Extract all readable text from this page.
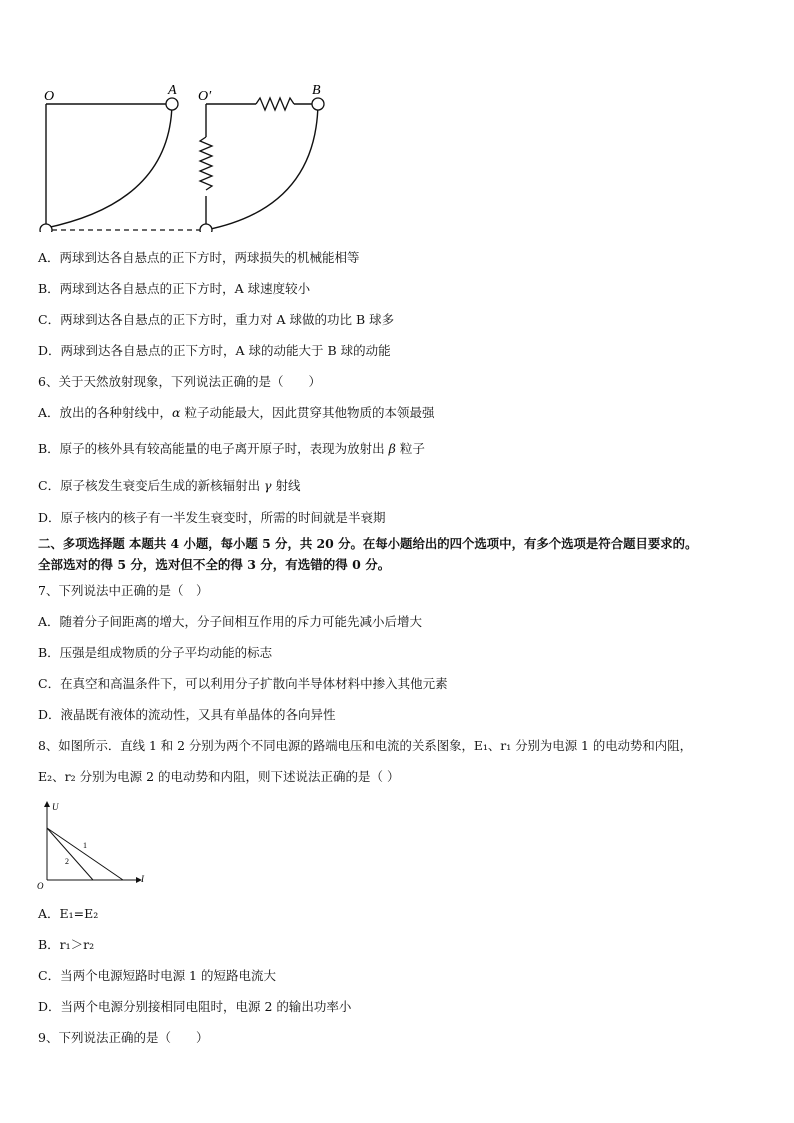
O	A O′	B
A．两球到达各自悬点的正下方时，两球损失的机械能相等
B．两球到达各自悬点的正下方时，A 球速度较小
C．两球到达各自悬点的正下方时，重力对 A 球做的功比 B 球多
D．两球到达各自悬点的正下方时，A 球的动能大于 B 球的动能
6、关于天然放射现象，下列说法正确的是（　　）
A．放出的各种射线中，α 粒子动能最大，因此贯穿其他物质的本领最强
B．原子的核外具有较高能量的电子离开原子时，表现为放射出 β 粒子
C．原子核发生衰变后生成的新核辐射出 γ 射线
D．原子核内的核子有一半发生衰变时，所需的时间就是半衰期
二、多项选择题 本题共 4 小题，每小题 5 分，共 20 分。在每小题给出的四个选项中，有多个选项是符合题目要求的。
全部选对的得 5 分，选对但不全的得 3 分，有选错的得 0 分。
7、下列说法中正确的是（　）
A．随着分子间距离的增大，分子间相互作用的斥力可能先减小后增大
B．压强是组成物质的分子平均动能的标志
C．在真空和高温条件下，可以利用分子扩散向半导体材料中掺入其他元素
D．液晶既有液体的流动性，又具有单晶体的各向异性
8、如图所示．直线 1 和 2 分别为两个不同电源的路端电压和电流的关系图象，E₁、r₁ 分别为电源 1 的电动势和内阻，
E₂、r₂ 分别为电源 2 的电动势和内阻，则下述说法正确的是（ ）
U
I
O
1
2
A．E₁=E₂
B．r₁＞r₂
C．当两个电源短路时电源 1 的短路电流大
D．当两个电源分别接相同电阻时，电源 2 的输出功率小
9、下列说法正确的是（　　）
